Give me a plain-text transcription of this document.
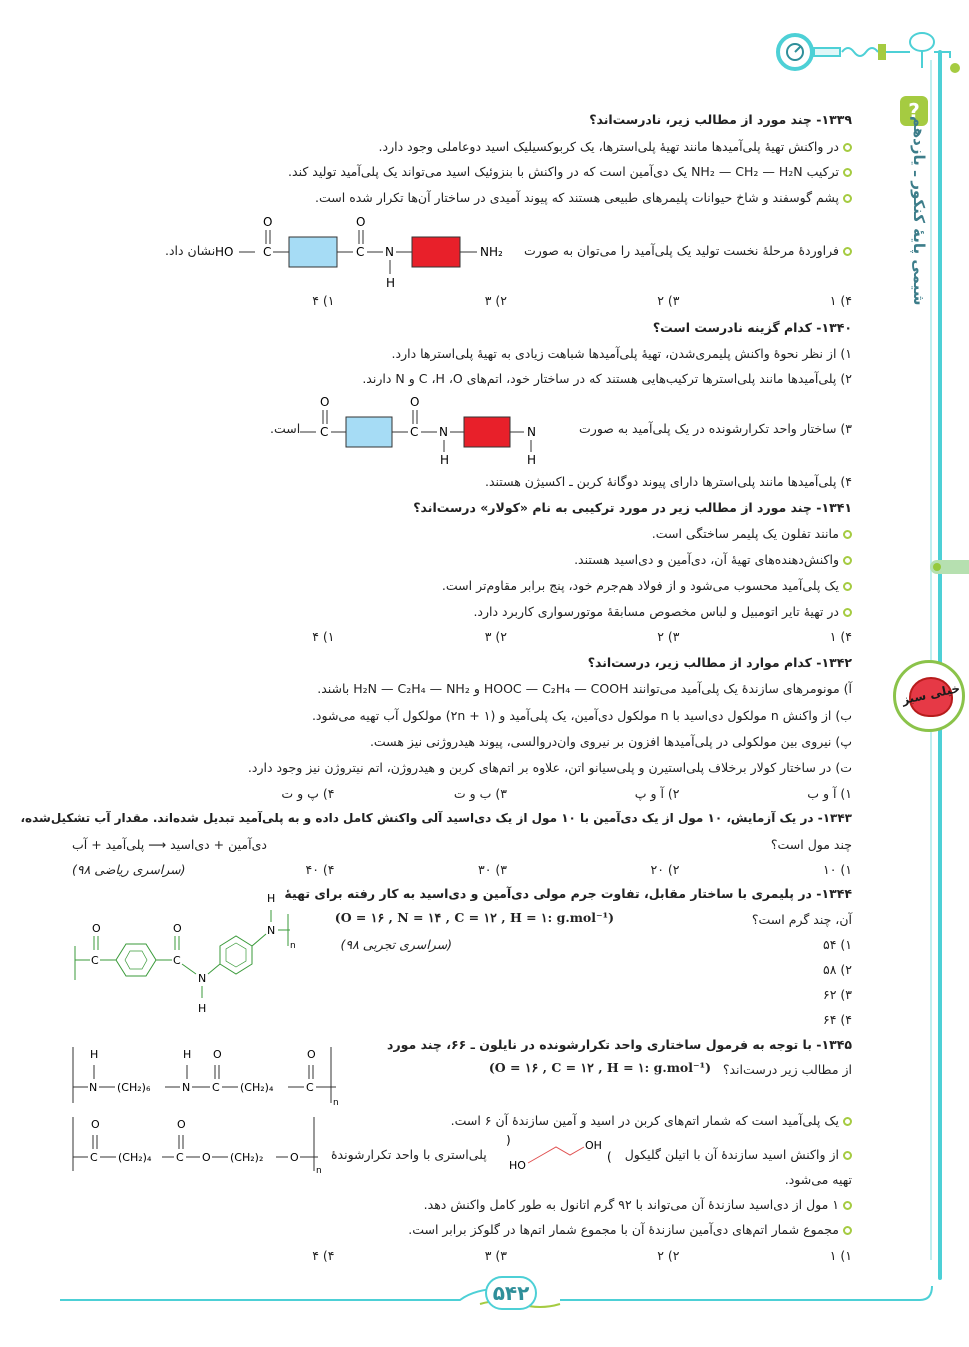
?
شیمی پایهٔ کنکور ـ یازدهم
خیلی سبز
۵۴۲
۱۳۳۹- چند مورد از مطالب زیر، نادرست‌اند؟
در واکنش تهیهٔ پلی‌آمیدها مانند تهیهٔ پلی‌استرها، یک کربوکسیلیک اسید دوعاملی وجود دارد.
ترکیب NH₂ — CH₂ — H₂N یک دی‌آمین است که در واکنش با بنزوئیک اسید می‌تواند یک پلی‌آمید تولید کند.
پشم گوسفند و شاخ حیوانات پلیمرهای طبیعی هستند که پیوند آمیدی در ساختار آن‌ها تکرار شده است.
فراوردهٔ مرحلهٔ نخست تولید یک پلی‌آمید را می‌توان به صورت
HO C
O
C
O
N
H
NH₂
نشان داد.
۴) ۱
۳) ۲
۲) ۳
۱) ۴
۱۳۴۰- کدام گزینه نادرست است؟
۱) از نظر نحوهٔ واکنش پلیمری‌شدن، تهیهٔ پلی‌آمیدها شباهت زیادی به تهیهٔ پلی‌استرها دارد.
۲) پلی‌آمیدها مانند پلی‌استرها ترکیب‌هایی هستند که در ساختار خود، اتم‌های C ،H ،O و N دارند.
۳) ساختار واحد تکرارشونده در یک پلی‌آمید به صورت
C
O
C
O
N
H
N
H
است.
۴) پلی‌آمیدها مانند پلی‌استرها دارای پیوند دوگانهٔ کربن ـ اکسیژن هستند.
۱۳۴۱- چند مورد از مطالب زیر در مورد ترکیبی به نام «کولار» درست‌اند؟
مانند تفلون یک پلیمر ساختگی است.
واکنش‌دهنده‌های تهیهٔ آن، دی‌آمین و دی‌اسید هستند.
یک پلی‌آمید محسوب می‌شود و از فولاد هم‌جرم خود، پنج برابر مقاوم‌تر است.
در تهیهٔ تایر اتومبیل و لباس مخصوص مسابقهٔ موتورسواری کاربرد دارد.
۴) ۱
۳) ۲
۲) ۳
۱) ۴
۱۳۴۲- کدام موارد از مطالب زیر، درست‌اند؟
آ) مونومرهای سازندهٔ یک پلی‌آمید می‌توانند HOOC — C₂H₄ — COOH و H₂N — C₂H₄ — NH₂ باشند.
ب) از واکنش n مولکول دی‌اسید با n مولکول دی‌آمین، یک پلی‌آمید و (۲n + ۱) مولکول آب تهیه می‌شود.
پ) نیروی بین مولکولی در پلی‌آمیدها افزون بر نیروی وان‌دروالسی، پیوند هیدروژنی نیز هست.
ت) در ساختار کولار برخلاف پلی‌استیرن و پلی‌سیانو اتن، علاوه بر اتم‌های کربن و هیدروژن، اتم نیتروژن نیز وجود دارد.
۱) آ و ب
۲) آ و پ
۳) ب و ت
۴) پ و ت
۱۳۴۳- در یک آزمایش، ۱۰ مول از یک دی‌آمین با ۱۰ مول از یک دی‌اسید آلی واکنش کامل داده و به پلی‌آمید تبدیل شده‌اند. مقدار آب تشکیل‌شده،
چند مول است؟
دی‌آمین + دی‌اسید ⟶ پلی‌آمید + آب
۱) ۱۰
۲) ۲۰
۳) ۳۰
۴) ۴۰
(سراسری ریاضی ۹۸)
۱۳۴۴- در پلیمری با ساختار مقابل، تفاوت جرم مولی دی‌آمین و دی‌اسید به کار رفته برای تهیهٔ
آن، چند گرم است؟
(O = ۱۶ , N = ۱۴ , C = ۱۲ , H = ۱: g.mol⁻¹)
(سراسری تجربی ۹۸)	۱) ۵۴
۲) ۵۸
۳) ۶۲
۴) ۶۴
O
C	C
O
N
H
N
H
n
۱۳۴۵- با توجه به فرمول ساختاری واحد تکرارشونده در نایلون ـ ۶۶، چند مورد
از مطالب زیر درست‌اند؟
(O = ۱۶ , C = ۱۲ , H = ۱: g.mol⁻¹)
N
H
(CH₂)₆	N
H
C
O
(CH₂)₄	C
O
n
یک پلی‌آمید است که شمار اتم‌های کربن در اسید و آمین سازندهٔ آن ۶ است.
از واکنش اسید سازندهٔ آن با اتیلن گلیکول
)	OH
HO
(
پلی‌استری با واحد تکرارشوندهٔ
C
O
(CH₂)₄ C
O
O (CH₂)₂ O
n
تهیه می‌شود.
۱ مول از دی‌اسید سازندهٔ آن می‌تواند با ۹۲ گرم اتانول به طور کامل واکنش دهد.
مجموع شمار اتم‌های دی‌آمین سازندهٔ آن با مجموع شمار اتم‌ها در گلوکز برابر است.
۱) ۱
۲) ۲
۳) ۳
۴) ۴
